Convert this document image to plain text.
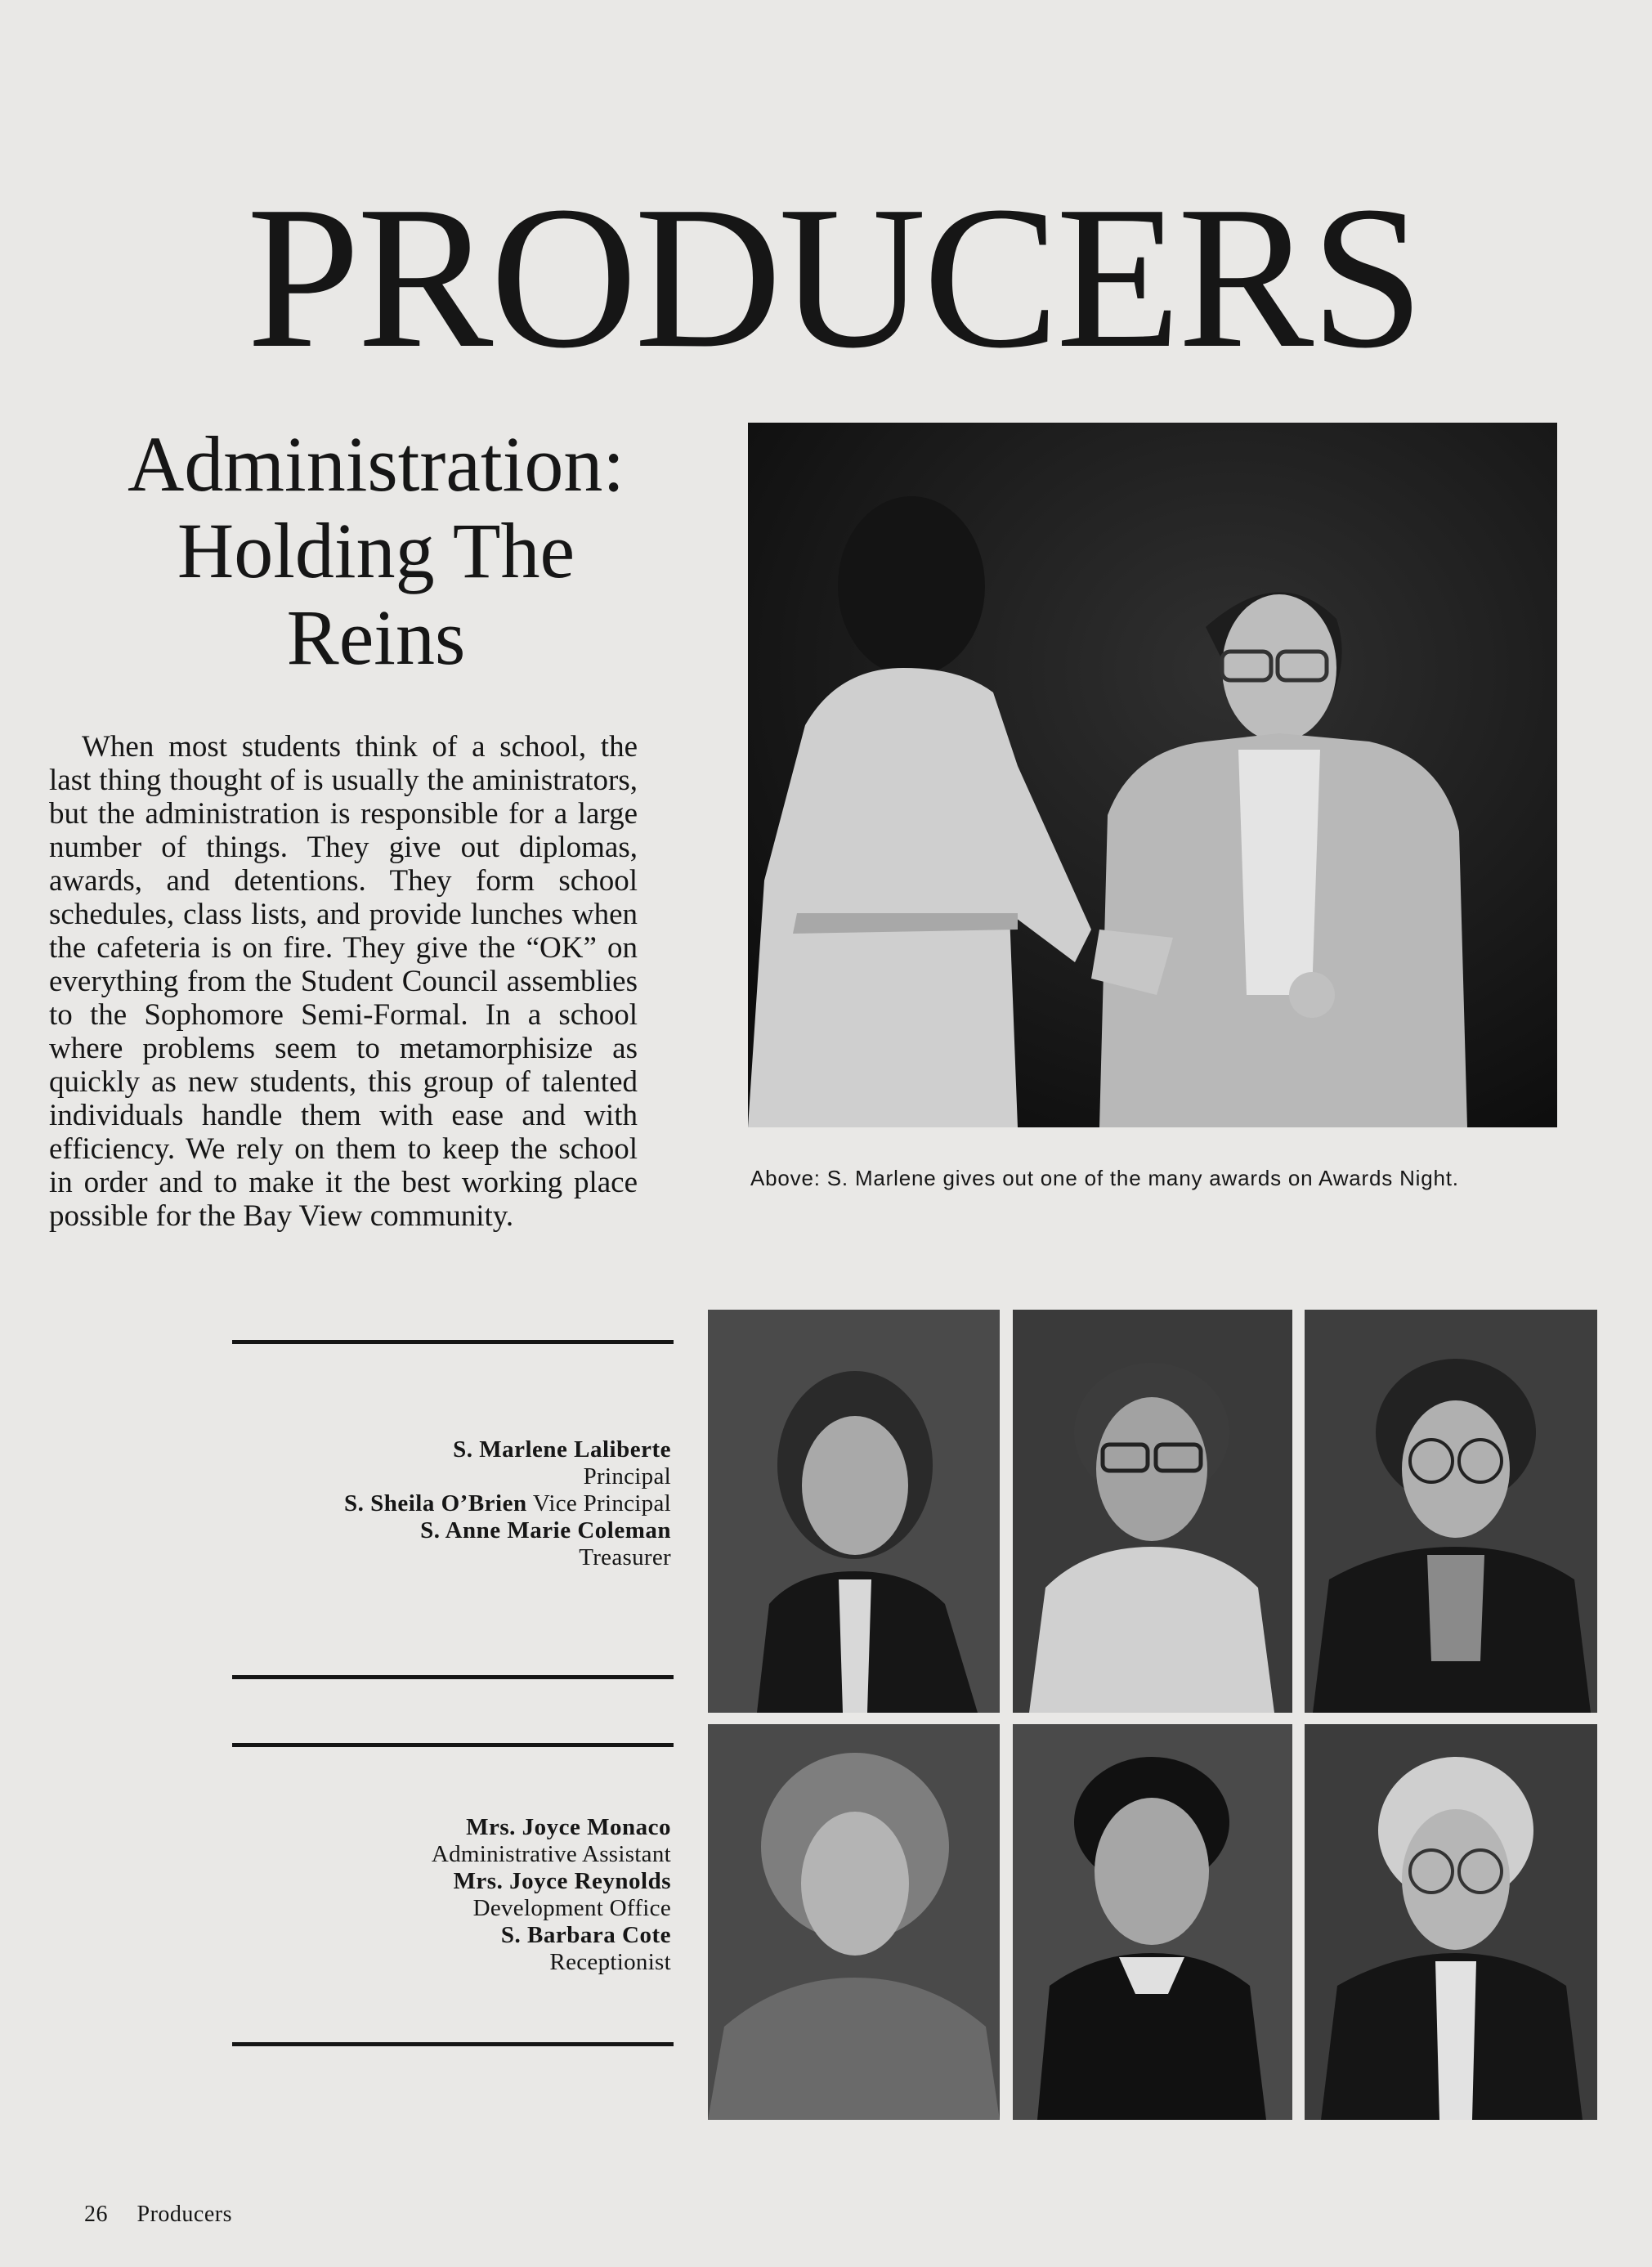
PRODUCERS
Administration:
Holding The
Reins

When most students think of a school, the last thing thought of is usually the aministrators, but the administration is responsible for a large number of things. They give out diplomas, awards, and detentions. They form school schedules, class lists, and provide lunches when the cafeteria is on fire. They give the “OK” on everything from the Student Council assemblies to the Sophomore Semi-Formal. In a school where problems seem to metamorphisize as quickly as new students, this group of talented individuals handle them with ease and with efficiency. We rely on them to keep the school in order and to make it the best working place possible for the Bay View community.

Above: S. Marlene gives out one of the many awards on Awards Night.
S. Marlene Laliberte
Principal
S. Sheila O’Brien Vice Principal
S. Anne Marie Coleman
Treasurer
Mrs. Joyce Monaco
Administrative Assistant
Mrs. Joyce Reynolds
Development Office
S. Barbara Cote
Receptionist
26 Producers
